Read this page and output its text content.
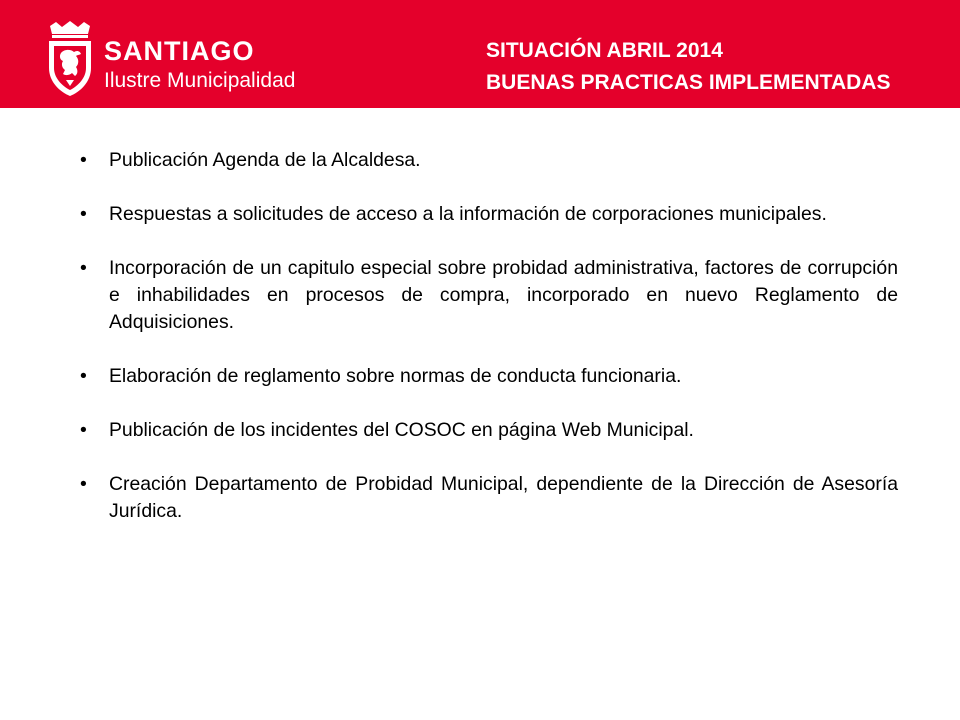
SANTIAGO
Ilustre Municipalidad
SITUACIÓN ABRIL 2014
BUENAS PRACTICAS IMPLEMENTADAS
• Publicación Agenda de la Alcaldesa.
• Respuestas a solicitudes de acceso a la información de corporaciones municipales.
• Incorporación de un capitulo especial sobre probidad administrativa, factores de corrupción e inhabilidades en procesos de compra, incorporado en nuevo Reglamento de Adquisiciones.
• Elaboración de reglamento sobre normas de conducta funcionaria.
• Publicación de los incidentes del COSOC en página Web Municipal.
• Creación Departamento de Probidad Municipal, dependiente de la Dirección de Asesoría Jurídica.
